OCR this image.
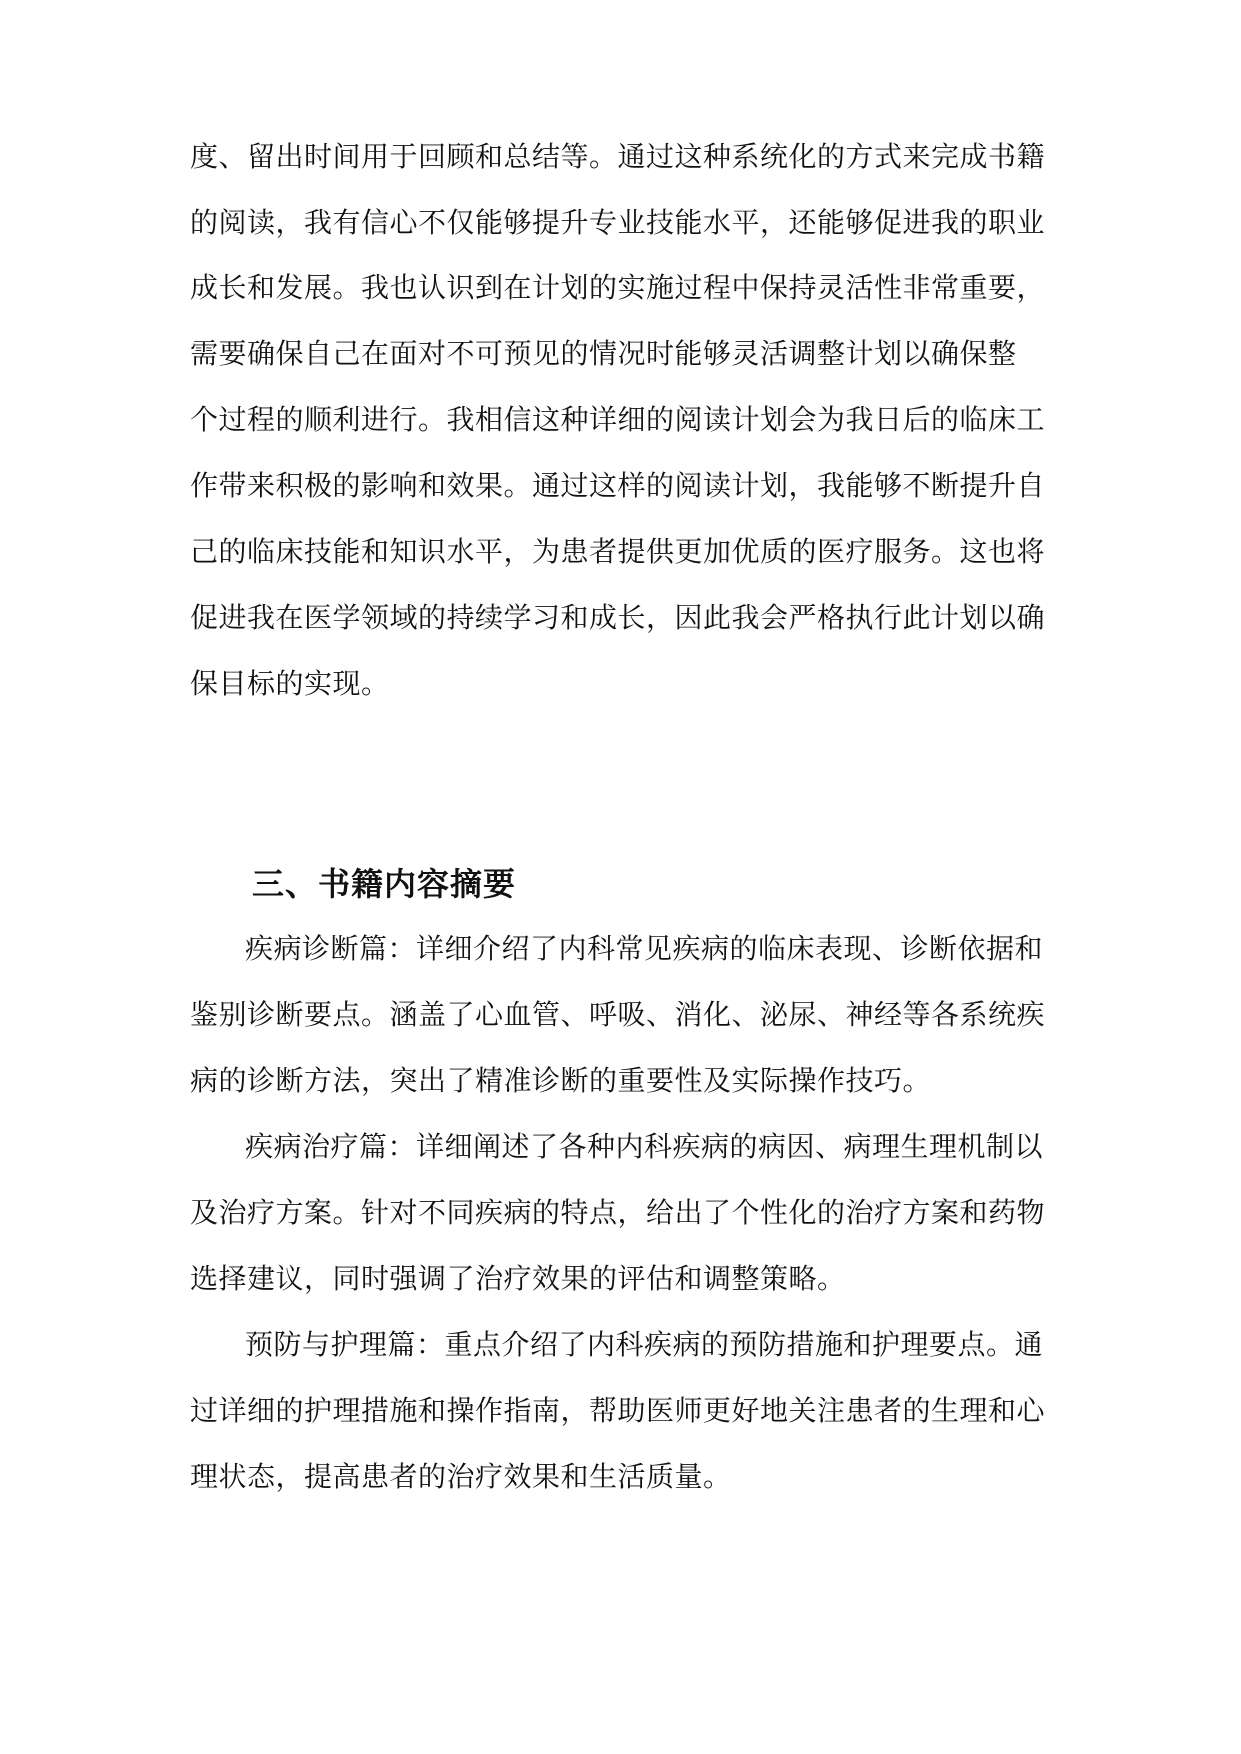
度、留出时间用于回顾和总结等。通过这种系统化的方式来完成书籍
的阅读，我有信心不仅能够提升专业技能水平，还能够促进我的职业
成长和发展。我也认识到在计划的实施过程中保持灵活性非常重要，
需要确保自己在面对不可预见的情况时能够灵活调整计划以确保整
个过程的顺利进行。我相信这种详细的阅读计划会为我日后的临床工
作带来积极的影响和效果。通过这样的阅读计划，我能够不断提升自
己的临床技能和知识水平，为患者提供更加优质的医疗服务。这也将
促进我在医学领域的持续学习和成长，因此我会严格执行此计划以确
保目标的实现。
三、书籍内容摘要
疾病诊断篇：详细介绍了内科常见疾病的临床表现、诊断依据和
鉴别诊断要点。涵盖了心血管、呼吸、消化、泌尿、神经等各系统疾
病的诊断方法，突出了精准诊断的重要性及实际操作技巧。
疾病治疗篇：详细阐述了各种内科疾病的病因、病理生理机制以
及治疗方案。针对不同疾病的特点，给出了个性化的治疗方案和药物
选择建议，同时强调了治疗效果的评估和调整策略。
预防与护理篇：重点介绍了内科疾病的预防措施和护理要点。通
过详细的护理措施和操作指南，帮助医师更好地关注患者的生理和心
理状态，提高患者的治疗效果和生活质量。
